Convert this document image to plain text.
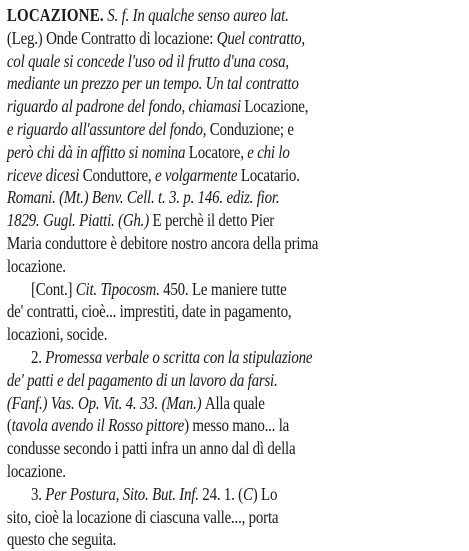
LOCAZIONE. S. f. In qualche senso aureo lat.
(Leg.) Onde Contratto di locazione: Quel contratto,
col quale si concede l'uso od il frutto d'una cosa,
mediante un prezzo per un tempo. Un tal contratto
riguardo al padrone del fondo, chiamasi Locazione,
e riguardo all'assuntore del fondo, Conduzione; e
però chi dà in affitto si nomina Locatore, e chi lo
riceve dicesi Conduttore, e volgarmente Locatario.
Romani. (Mt.) Benv. Cell. t. 3. p. 146. ediz. fior.
1829. Gugl. Piatti. (Gh.) E perchè il detto Pier
Maria conduttore è debitore nostro ancora della prima
locazione.
[Cont.] Cit. Tipocosm. 450. Le maniere tutte
de' contratti, cioè... imprestiti, date in pagamento,
locazioni, socide.
2. Promessa verbale o scritta con la stipulazione
de' patti e del pagamento di un lavoro da farsi.
(Fanf.) Vas. Op. Vit. 4. 33. (Man.) Alla quale
(tavola avendo il Rosso pittore) messo mano... la
condusse secondo i patti infra un anno dal dì della
locazione.
3. Per Postura, Sito. But. Inf. 24. 1. (C) Lo
sito, cioè la locazione di ciascuna valle..., porta
questo che seguita.
